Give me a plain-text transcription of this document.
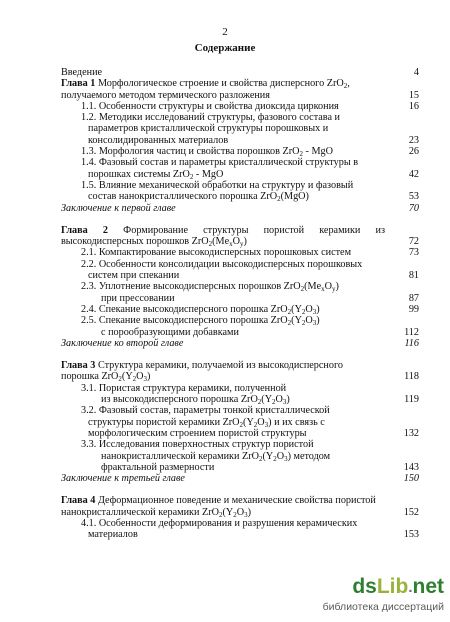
2
Содержание
Введение	4
Глава 1 Морфологическое строение и свойства дисперсного ZrO$_2$,
получаемого методом термического разложения	15
1.1. Особенности структуры и свойства диоксида циркония	16
1.2. Методики исследований структуры, фазового состава и
параметров кристаллической структуры порошковых и
консолидированных материалов	23
1.3. Морфология частиц и свойства порошков ZrO$_2$ - MgO	26
1.4. Фазовый состав и параметры кристаллической структуры в
порошках системы ZrO$_2$ - MgO	42
1.5. Влияние механической обработки на структуру и фазовый
состав нанокристаллического порошка ZrO$_2$(MgO)	53
Заключение к первой главе	70
Глава 2 Формирование структуры пористой керамики из
высокодисперсных порошков $ZrO_2(Me_xO_y)$	72
2.1. Компактирование высокодисперсных порошковых систем	73
2.2. Особенности консолидации высокодисперсных порошковых
систем при спекании	81
2.3. Уплотнение высокодисперсных порошков $ZrO_2(Me_xO_y)$
при прессовании	87
2.4. Спекание высокодисперсного порошка $ZrO_2(Y_2O_3)$	99
2.5. Спекание высокодисперсного порошка $ZrO_2(Y_2O_3)$
с порообразующими добавками	112
Заключение ко второй главе	116
Глава 3 Структура керамики, получаемой из высокодисперсного
порошка $ZrO_2(Y_2O_3)$	118
3.1. Пористая структура керамики, полученной
из высокодисперсного порошка $ZrO_2(Y_2O_3)$	119
3.2. Фазовый состав, параметры тонкой кристаллической
структуры пористой керамики $ZrO_2(Y_2O_3)$ и их связь с
морфологическим строением пористой структуры	132
3.3. Исследования поверхностных структур пористой
нанокристаллической керамики $ZrO_2(Y_2O_3)$ методом
фрактальной размерности	143
Заключение к третьей главе	150
Глава 4 Деформационное поведение и механические свойства пористой
нанокристаллической керамики $ZrO_2(Y_2O_3)$	152
4.1. Особенности деформирования и разрушения керамических
материалов	153
ds Lib . net
библиотека диссертаций
